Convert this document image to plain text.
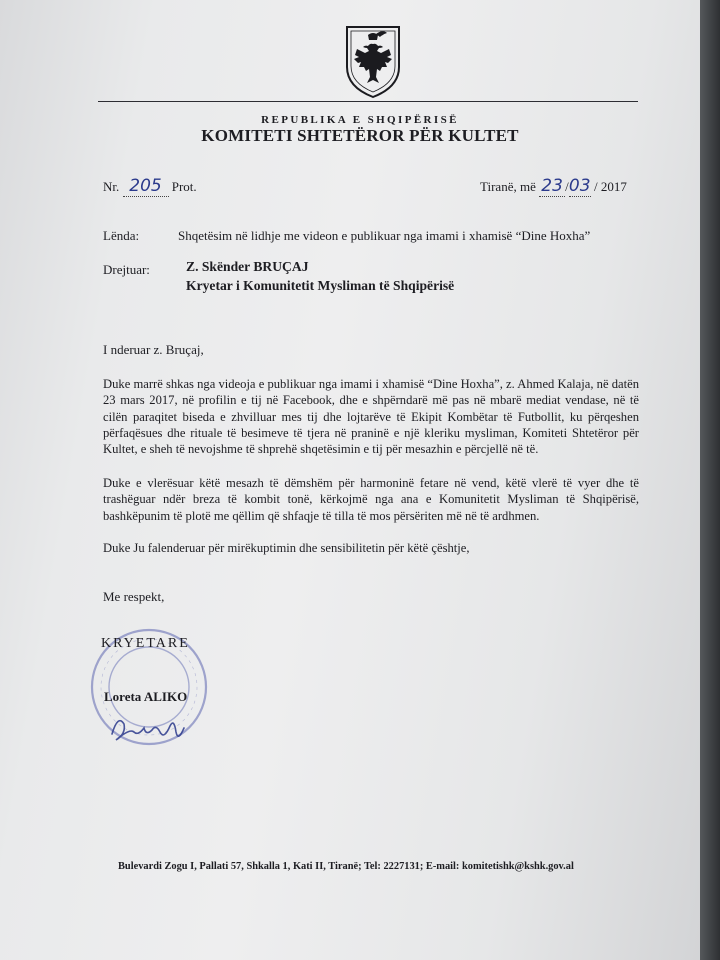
REPUBLIKA E SHQIPËRISË
KOMITETI SHTETËROR PËR KULTET
Nr. 205 Prot.	Tiranë, më 23 /03 / 2017
Lënda:	Shqetësim në lidhje me videon e publikuar nga imami i xhamisë “Dine Hoxha”
Drejtuar:	Z. Skënder BRUÇAJ
Kryetar i Komunitetit Mysliman të Shqipërisë
I nderuar z. Bruçaj,
Duke marrë shkas nga videoja e publikuar nga imami i xhamisë “Dine Hoxha”, z. Ahmed Kalaja, në datën 23 mars 2017, në profilin e tij në Facebook, dhe e shpërndarë më pas në mbarë mediat vendase, në të cilën paraqitet biseda e zhvilluar mes tij dhe lojtarëve të Ekipit Kombëtar të Futbollit, ku përqeshen përfaqësues dhe rituale të besimeve të tjera në praninë e një kleriku mysliman, Komiteti Shtetëror për Kultet, e sheh të nevojshme të shprehë shqetësimin e tij për mesazhin e përcjellë në të.
Duke e vlerësuar këtë mesazh të dëmshëm për harmoninë fetare në vend, këtë vlerë të vyer dhe të trashëguar ndër breza të kombit tonë, kërkojmë nga ana e Komunitetit Mysliman të Shqipërisë, bashkëpunim të plotë me qëllim që shfaqje të tilla të mos përsëriten më në të ardhmen.
Duke Ju falenderuar për mirëkuptimin dhe sensibilitetin për këtë çështje,
Me respekt,
KRYETARE
Loreta ALIKO
Bulevardi Zogu I, Pallati 57, Shkalla 1, Kati II, Tiranë; Tel: 2227131; E-mail: komitetishk@kshk.gov.al
